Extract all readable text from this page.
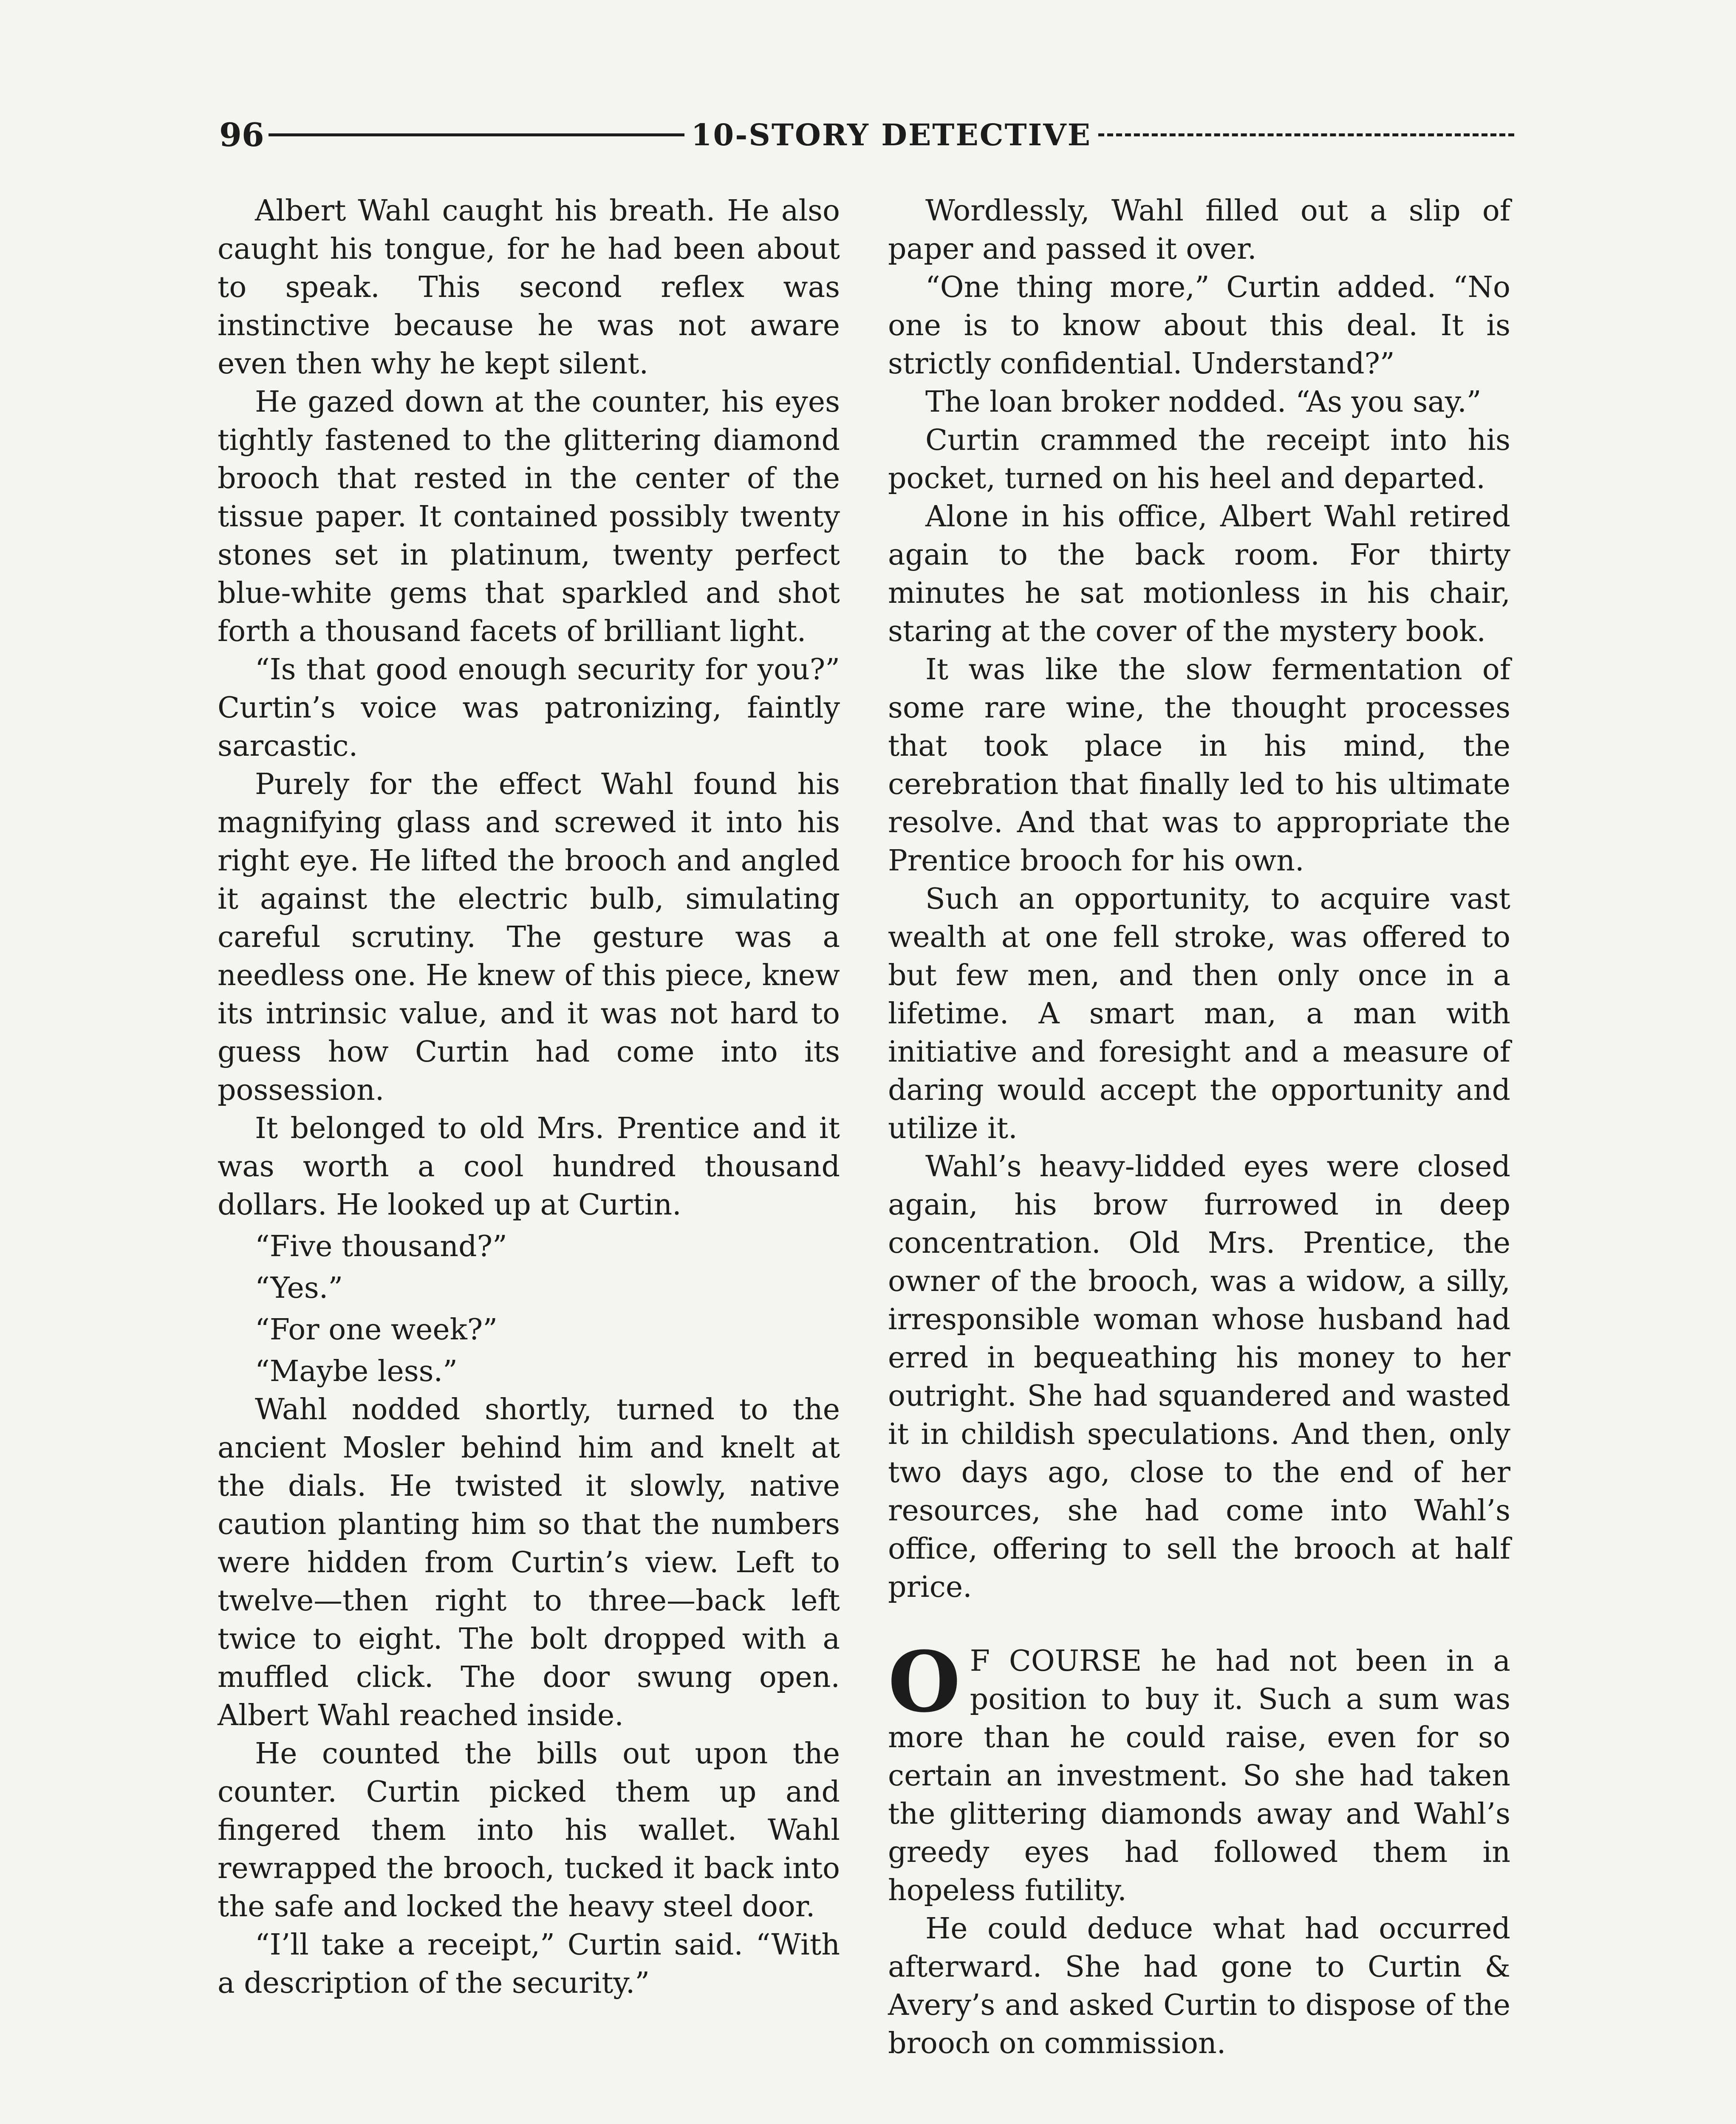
96	10-STORY DETECTIVE

Albert Wahl caught his breath. He also caught his tongue, for he had been about to speak. This second reflex was instinctive because he was not aware even then why he kept silent.

He gazed down at the counter, his eyes tightly fastened to the glittering diamond brooch that rested in the center of the tissue paper. It contained possibly twenty stones set in platinum, twenty perfect blue-white gems that sparkled and shot forth a thousand facets of brilliant light.

“Is that good enough security for you?” Curtin’s voice was patronizing, faintly sarcastic.

Purely for the effect Wahl found his magnifying glass and screwed it into his right eye. He lifted the brooch and angled it against the electric bulb, simulating careful scrutiny. The gesture was a needless one. He knew of this piece, knew its intrinsic value, and it was not hard to guess how Curtin had come into its possession.

It belonged to old Mrs. Prentice and it was worth a cool hundred thousand dollars. He looked up at Curtin.

“Five thousand?”

“Yes.”

“For one week?”

“Maybe less.”

Wahl nodded shortly, turned to the ancient Mosler behind him and knelt at the dials. He twisted it slowly, native caution planting him so that the numbers were hidden from Curtin’s view. Left to twelve—then right to three—back left twice to eight. The bolt dropped with a muffled click. The door swung open. Albert Wahl reached inside.

He counted the bills out upon the counter. Curtin picked them up and fingered them into his wallet. Wahl rewrapped the brooch, tucked it back into the safe and locked the heavy steel door.

“I’ll take a receipt,” Curtin said. “With a description of the security.”

Wordlessly, Wahl filled out a slip of paper and passed it over.

“One thing more,” Curtin added. “No one is to know about this deal. It is strictly confidential. Understand?”

The loan broker nodded. “As you say.”

Curtin crammed the receipt into his pocket, turned on his heel and departed.

Alone in his office, Albert Wahl retired again to the back room. For thirty minutes he sat motionless in his chair, staring at the cover of the mystery book.

It was like the slow fermentation of some rare wine, the thought processes that took place in his mind, the cerebration that finally led to his ultimate resolve. And that was to appropriate the Prentice brooch for his own.

Such an opportunity, to acquire vast wealth at one fell stroke, was offered to but few men, and then only once in a lifetime. A smart man, a man with initiative and foresight and a measure of daring would accept the opportunity and utilize it.

Wahl’s heavy-lidded eyes were closed again, his brow furrowed in deep concentration. Old Mrs. Prentice, the owner of the brooch, was a widow, a silly, irresponsible woman whose husband had erred in bequeathing his money to her outright. She had squandered and wasted it in childish speculations. And then, only two days ago, close to the end of her resources, she had come into Wahl’s office, offering to sell the brooch at half price.

O F COURSE he had not been in a position to buy it. Such a sum was more than he could raise, even for so certain an investment. So she had taken the glittering diamonds away and Wahl’s greedy eyes had followed them in hopeless futility.

He could deduce what had occurred afterward. She had gone to Curtin & Avery’s and asked Curtin to dispose of the brooch on commission.
